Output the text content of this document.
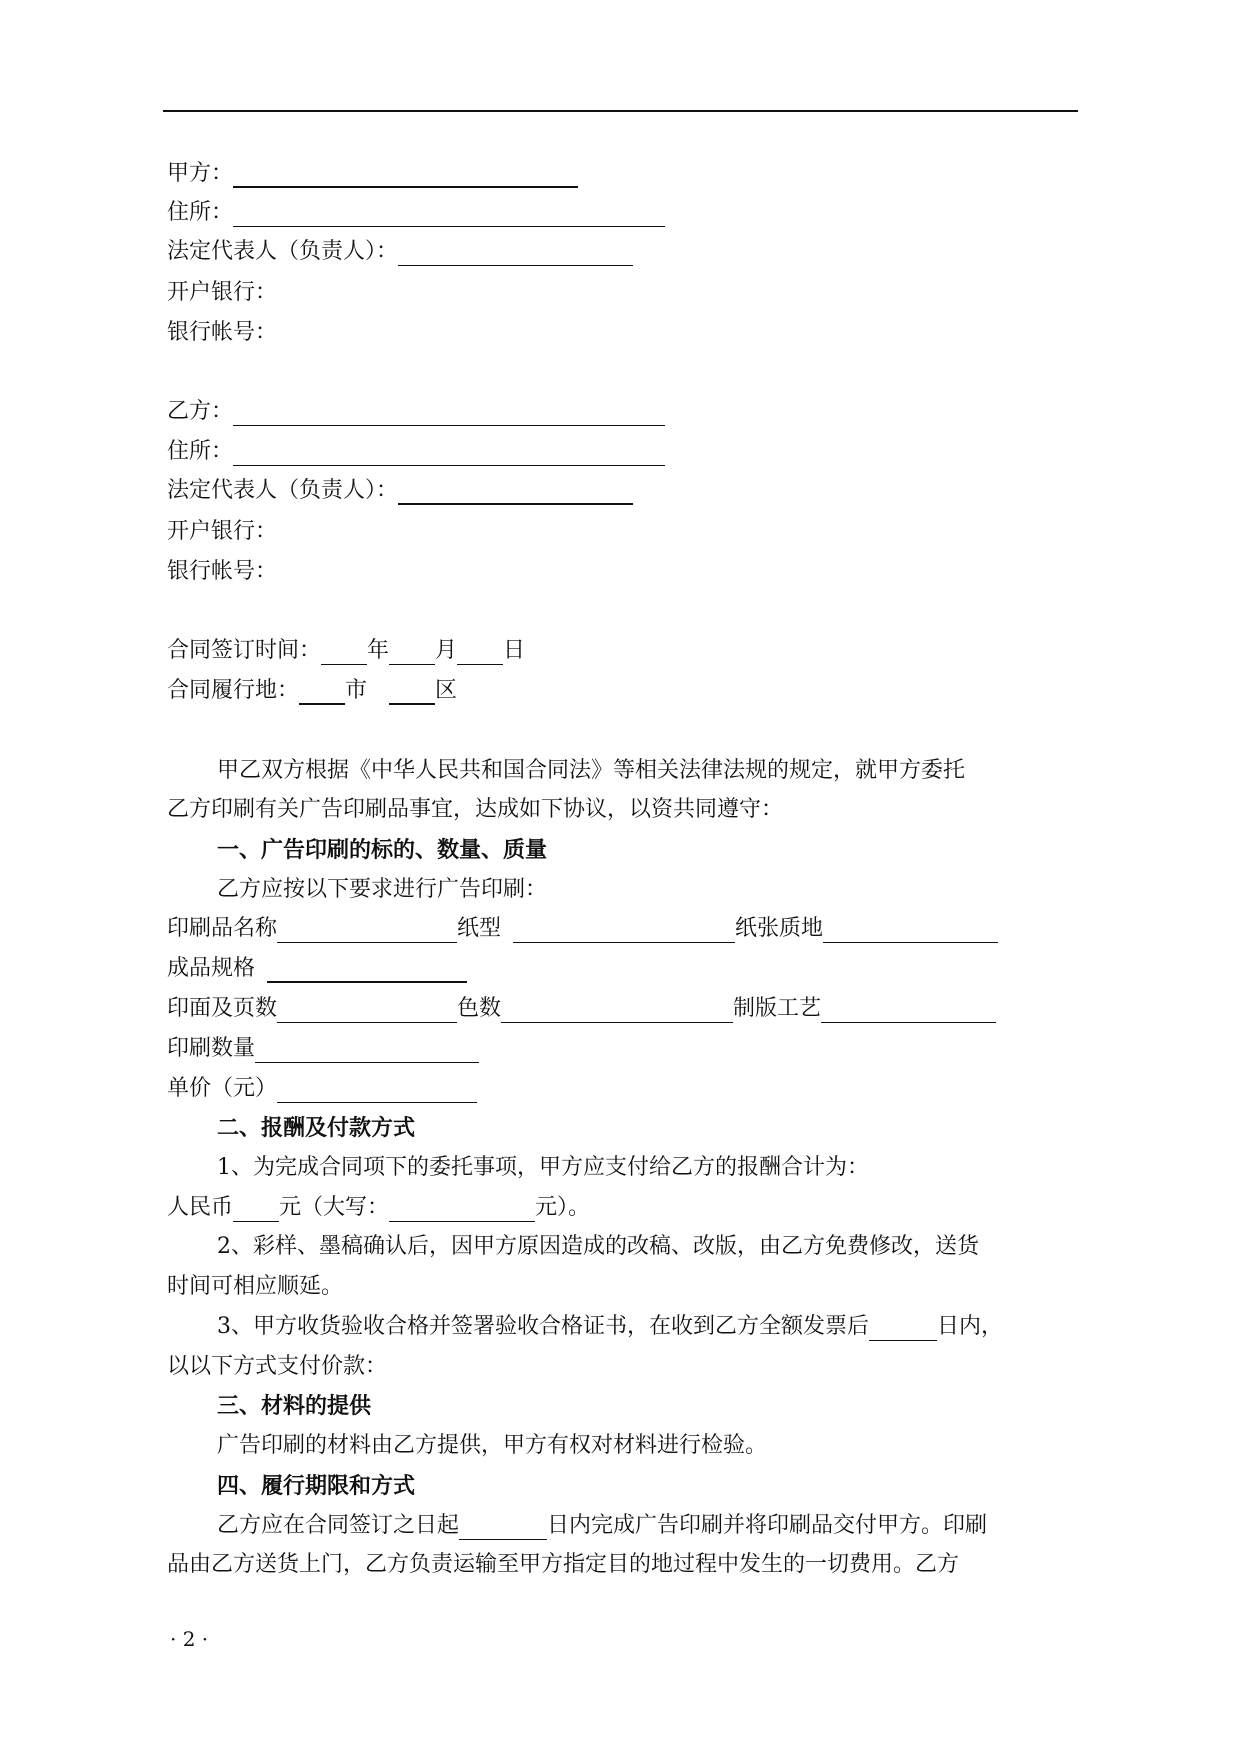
甲方：
住所：
法定代表人（负责人）：
开户银行：
银行帐号：
乙方：
住所：
法定代表人（负责人）：
开户银行：
银行帐号：
合同签订时间： 年 月 日
合同履行地： 市	区
甲乙双方根据《中华人民共和国合同法》等相关法律法规的规定，就甲方委托
乙方印刷有关广告印刷品事宜，达成如下协议，以资共同遵守：
一、广告印刷的标的、数量、质量
乙方应按以下要求进行广告印刷：
印刷品名称	纸型	纸张质地
成品规格
印面及页数	色数	制版工艺
印刷数量
单价（元）
二、报酬及付款方式
1、为完成合同项下的委托事项，甲方应支付给乙方的报酬合计为：
人民币 元（大写：	元）。
2、彩样、墨稿确认后，因甲方原因造成的改稿、改版，由乙方免费修改，送货
时间可相应顺延。
3、甲方收货验收合格并签署验收合格证书，在收到乙方全额发票后	日内，
以以下方式支付价款：
三、材料的提供
广告印刷的材料由乙方提供，甲方有权对材料进行检验。
四、履行期限和方式
乙方应在合同签订之日起	日内完成广告印刷并将印刷品交付甲方。印刷
品由乙方送货上门，乙方负责运输至甲方指定目的地过程中发生的一切费用。乙方
· 2 ·
